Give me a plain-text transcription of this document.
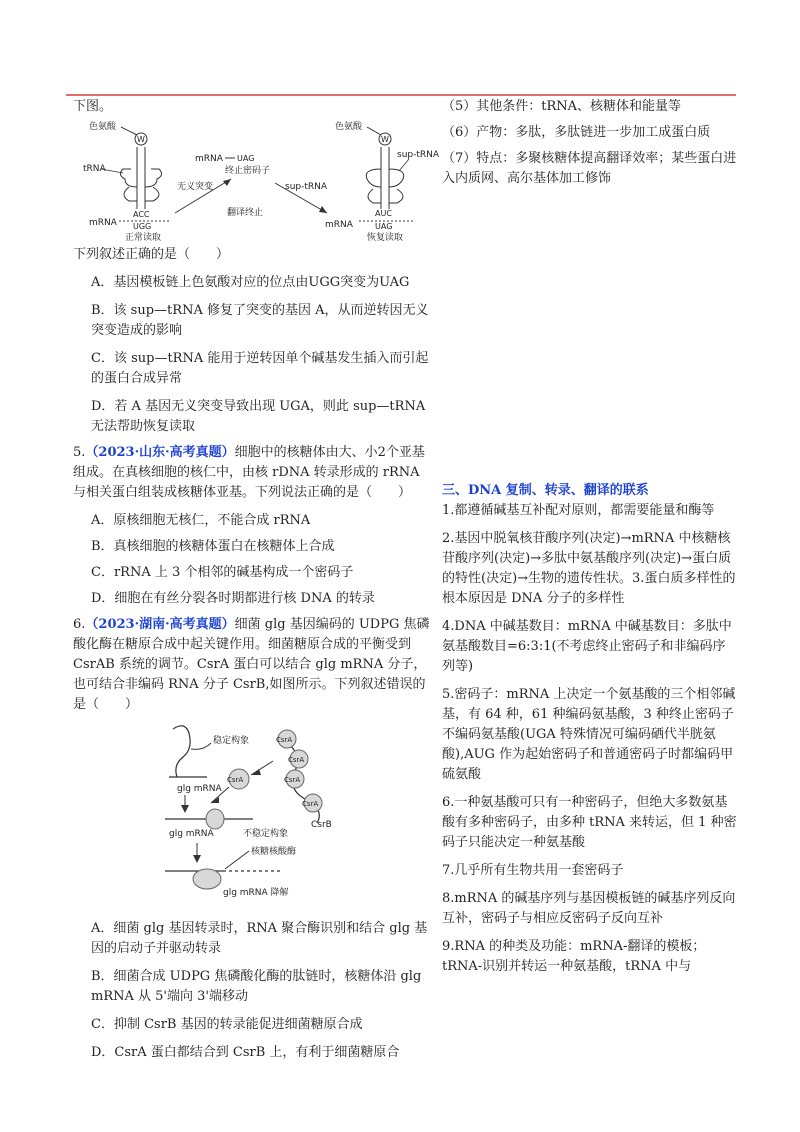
下图。

色氨酸
W
tRNA
ACC
mRNA UGG
正常读取
mRNA UAG
终止密码子
无义突变	sup-tRNA
翻译终止
色氨酸
W
sup-tRNA
AUC
mRNA	UAG
恢复读取

下列叙述正确的是（　　）

A．基因模板链上色氨酸对应的位点由UGG突变为UAG

B．该 sup—tRNA 修复了突变的基因 A，从而逆转因无义突变造成的影响

C．该 sup—tRNA 能用于逆转因单个碱基发生插入而引起的蛋白合成异常

D．若 A 基因无义突变导致出现 UGA，则此 sup—tRNA 无法帮助恢复读取

5.（2023·山东·高考真题）细胞中的核糖体由大、小2个亚基组成。在真核细胞的核仁中，由核 rDNA 转录形成的 rRNA 与相关蛋白组装成核糖体亚基。下列说法正确的是（　　）

A．原核细胞无核仁，不能合成 rRNA

B．真核细胞的核糖体蛋白在核糖体上合成

C．rRNA 上 3 个相邻的碱基构成一个密码子

D．细胞在有丝分裂各时期都进行核 DNA 的转录

6.（2023·湖南·高考真题）细菌 glg 基因编码的 UDPG 焦磷酸化酶在糖原合成中起关键作用。细菌糖原合成的平衡受到 CsrAB 系统的调节。CsrA 蛋白可以结合 glg mRNA 分子，也可结合非编码 RNA 分子 CsrB,如图所示。下列叙述错误的是（　　）

稳定构象
glg mRNA
CsrA
CsrA
CsrA
CsrA
CsrB
CsrA
glg mRNA	不稳定构象
核糖核酸酶
glg mRNA 降解

A．细菌 glg 基因转录时，RNA 聚合酶识别和结合 glg 基因的启动子并驱动转录

B．细菌合成 UDPG 焦磷酸化酶的肽链时，核糖体沿 glg mRNA 从 5'端向 3'端移动

C．抑制 CsrB 基因的转录能促进细菌糖原合成

D．CsrA 蛋白都结合到 CsrB 上，有利于细菌糖原合

（5）其他条件：tRNA、核糖体和能量等

（6）产物：多肽，多肽链进一步加工成蛋白质

（7）特点：多聚核糖体提高翻译效率；某些蛋白进入内质网、高尔基体加工修饰

三、DNA 复制、转录、翻译的联系

1.都遵循碱基互补配对原则，都需要能量和酶等

2.基因中脱氧核苷酸序列(决定)→mRNA 中核糖核苷酸序列(决定)→多肽中氨基酸序列(决定)→蛋白质的特性(决定)→生物的遗传性状。3.蛋白质多样性的根本原因是 DNA 分子的多样性

4.DNA 中碱基数目：mRNA 中碱基数目：多肽中氨基酸数目=6:3:1(不考虑终止密码子和非编码序列等)

5.密码子：mRNA 上决定一个氨基酸的三个相邻碱基，有 64 种，61 种编码氨基酸，3 种终止密码子不编码氨基酸(UGA 特殊情况可编码硒代半胱氨酸),AUG 作为起始密码子和普通密码子时都编码甲硫氨酸

6.一种氨基酸可只有一种密码子，但绝大多数氨基酸有多种密码子，由多种 tRNA 来转运，但 1 种密码子只能决定一种氨基酸

7.几乎所有生物共用一套密码子

8.mRNA 的碱基序列与基因模板链的碱基序列反向互补，密码子与相应反密码子反向互补

9.RNA 的种类及功能：mRNA-翻译的模板；tRNA-识别并转运一种氨基酸，tRNA 中与
